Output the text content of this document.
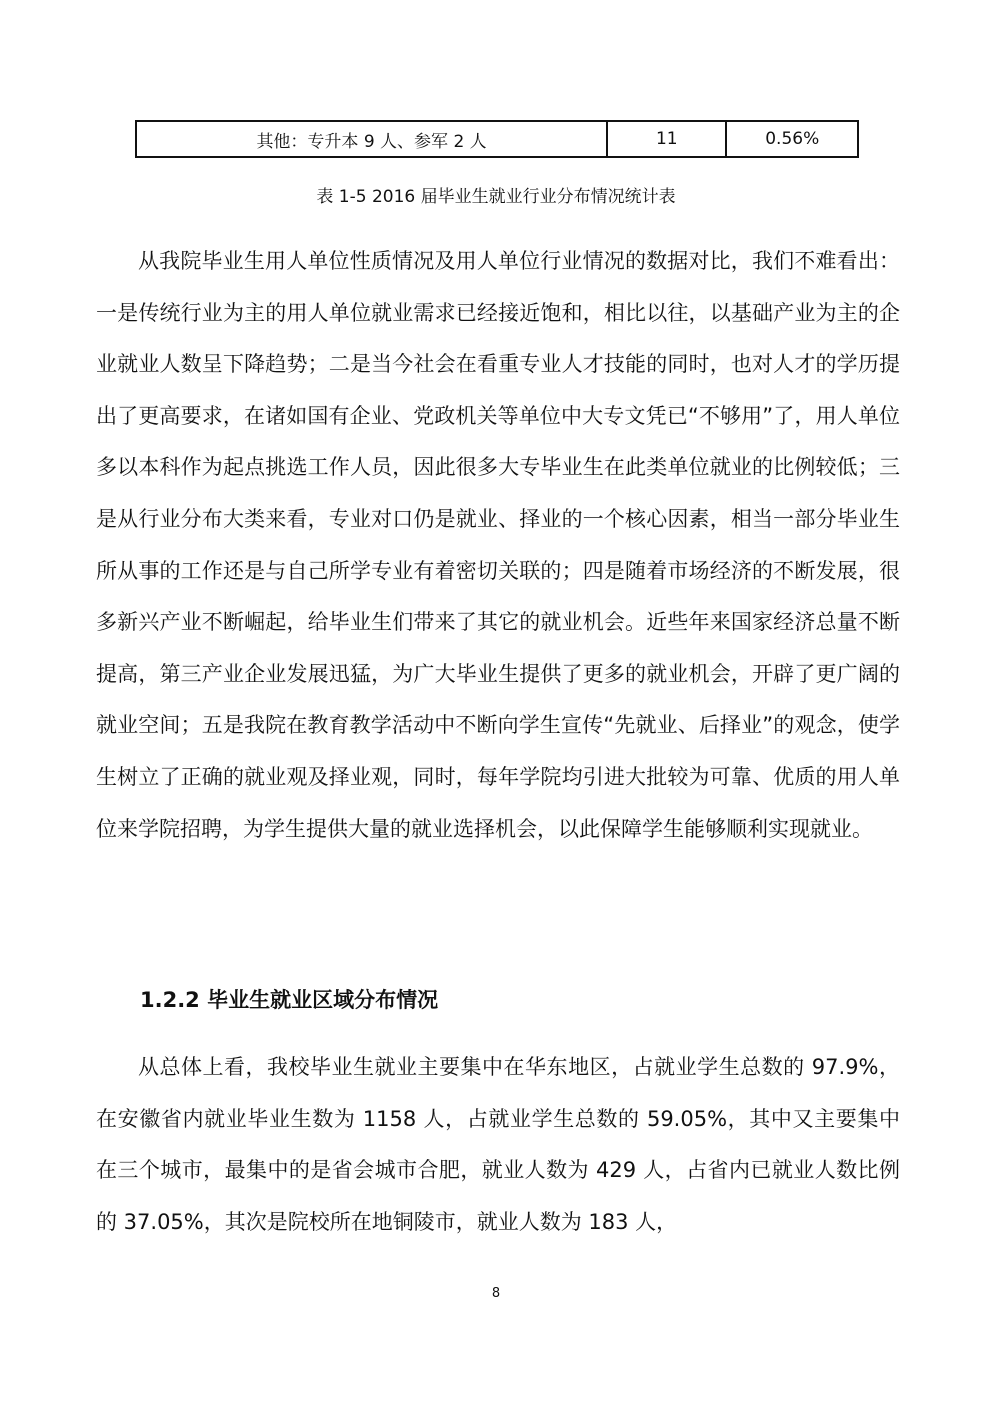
其他：专升本 9 人、参军 2 人	11	0.56%
表 1-5 2016 届毕业生就业行业分布情况统计表

从我院毕业生用人单位性质情况及用人单位行业情况的数据对比，我们不难看出：一是传统行业为主的用人单位就业需求已经接近饱和，相比以往，以基础产业为主的企业就业人数呈下降趋势；二是当今社会在看重专业人才技能的同时，也对人才的学历提出了更高要求，在诸如国有企业、党政机关等单位中大专文凭已“不够用”了，用人单位多以本科作为起点挑选工作人员，因此很多大专毕业生在此类单位就业的比例较低；三是从行业分布大类来看，专业对口仍是就业、择业的一个核心因素，相当一部分毕业生所从事的工作还是与自己所学专业有着密切关联的；四是随着市场经济的不断发展，很多新兴产业不断崛起，给毕业生们带来了其它的就业机会。近些年来国家经济总量不断提高，第三产业企业发展迅猛，为广大毕业生提供了更多的就业机会，开辟了更广阔的就业空间；五是我院在教育教学活动中不断向学生宣传“先就业、后择业”的观念，使学生树立了正确的就业观及择业观，同时，每年学院均引进大批较为可靠、优质的用人单位来学院招聘，为学生提供大量的就业选择机会，以此保障学生能够顺利实现就业。

1.2.2 毕业生就业区域分布情况

从总体上看，我校毕业生就业主要集中在华东地区，占就业学生总数的 97.9%，在安徽省内就业毕业生数为 1158 人，占就业学生总数的 59.05%，其中又主要集中在三个城市，最集中的是省会城市合肥，就业人数为 429 人，占省内已就业人数比例的 37.05%，其次是院校所在地铜陵市，就业人数为 183 人，

8
